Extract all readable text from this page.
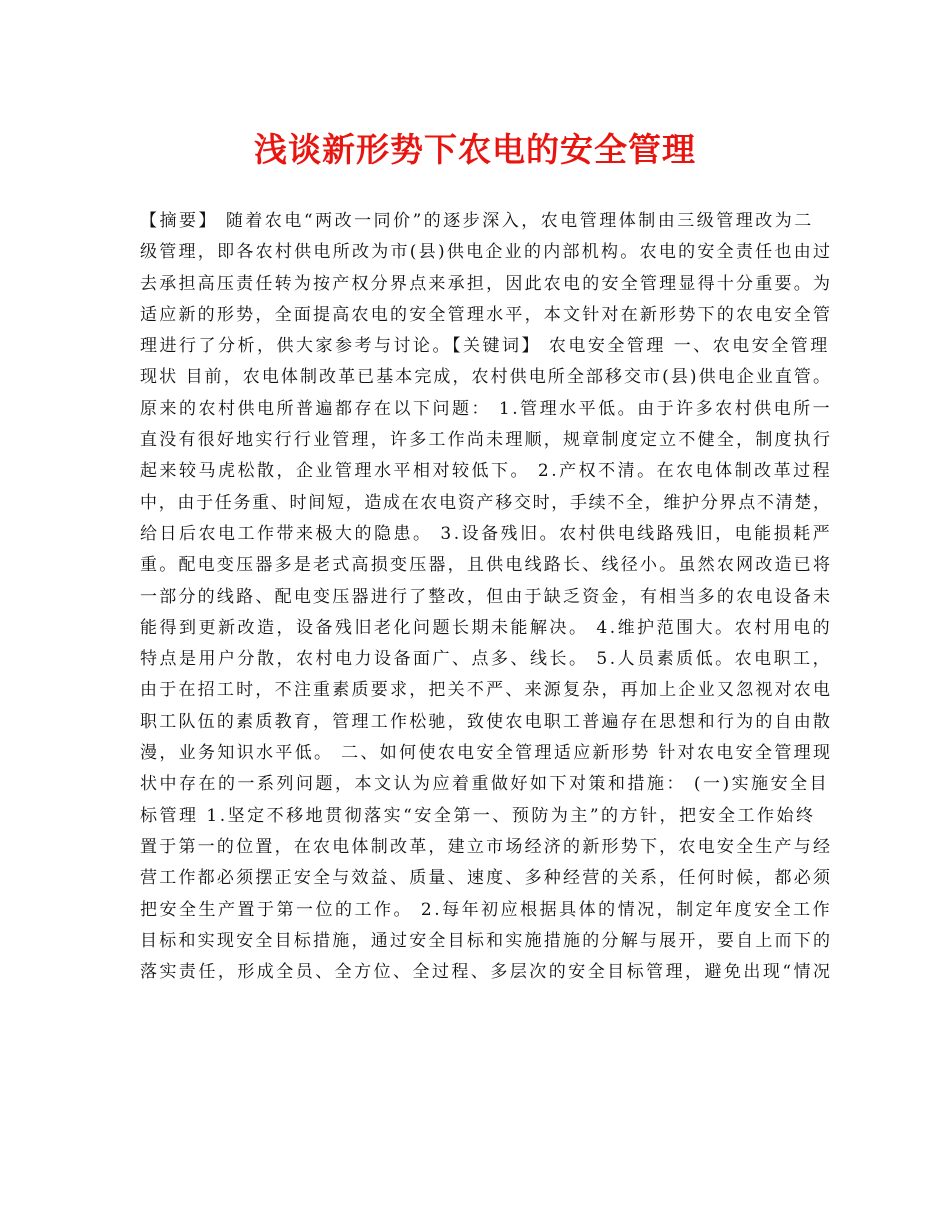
浅谈新形势下农电的安全管理
【摘要】 随着农电“两改一同价”的逐步深入，农电管理体制由三级管理改为二
级管理，即各农村供电所改为市(县)供电企业的内部机构。农电的安全责任也由过
去承担高压责任转为按产权分界点来承担，因此农电的安全管理显得十分重要。为
适应新的形势，全面提高农电的安全管理水平，本文针对在新形势下的农电安全管
理进行了分析，供大家参考与讨论。【关键词】 农电安全管理 一、农电安全管理
现状 目前，农电体制改革已基本完成，农村供电所全部移交市(县)供电企业直管。
原来的农村供电所普遍都存在以下问题： 1.管理水平低。由于许多农村供电所一
直没有很好地实行行业管理，许多工作尚未理顺，规章制度定立不健全，制度执行
起来较马虎松散，企业管理水平相对较低下。 2.产权不清。在农电体制改革过程
中，由于任务重、时间短，造成在农电资产移交时，手续不全，维护分界点不清楚，
给日后农电工作带来极大的隐患。 3.设备残旧。农村供电线路残旧，电能损耗严
重。配电变压器多是老式高损变压器，且供电线路长、线径小。虽然农网改造已将
一部分的线路、配电变压器进行了整改，但由于缺乏资金，有相当多的农电设备未
能得到更新改造，设备残旧老化问题长期未能解决。 4.维护范围大。农村用电的
特点是用户分散，农村电力设备面广、点多、线长。 5.人员素质低。农电职工，
由于在招工时，不注重素质要求，把关不严、来源复杂，再加上企业又忽视对农电
职工队伍的素质教育，管理工作松驰，致使农电职工普遍存在思想和行为的自由散
漫，业务知识水平低。 二、如何使农电安全管理适应新形势 针对农电安全管理现
状中存在的一系列问题，本文认为应着重做好如下对策和措施： (一)实施安全目
标管理 1.坚定不移地贯彻落实“安全第一、预防为主”的方针，把安全工作始终
置于第一的位置，在农电体制改革，建立市场经济的新形势下，农电安全生产与经
营工作都必须摆正安全与效益、质量、速度、多种经营的关系，任何时候，都必须
把安全生产置于第一位的工作。 2.每年初应根据具体的情况，制定年度安全工作
目标和实现安全目标措施，通过安全目标和实施措施的分解与展开，要自上而下的
落实责任，形成全员、全方位、全过程、多层次的安全目标管理，避免出现“情况
